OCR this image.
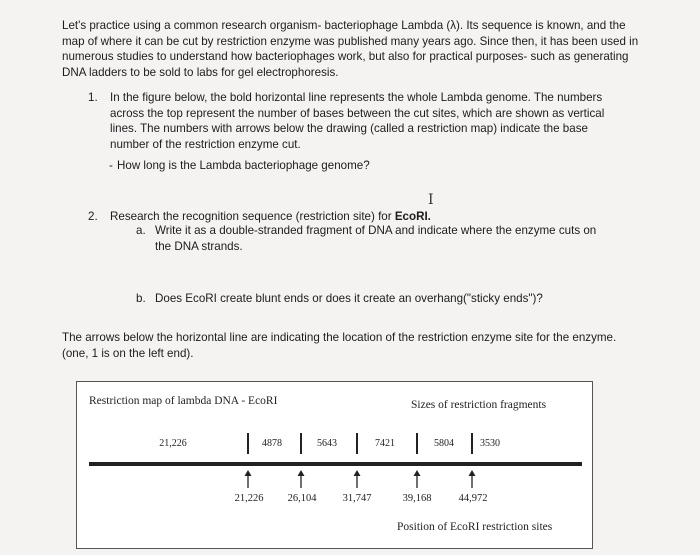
Let's practice using a common research organism- bacteriophage Lambda (λ). Its sequence is known, and the map of where it can be cut by restriction enzyme was published many years ago. Since then, it has been used in numerous studies to understand how bacteriophages work, but also for practical purposes- such as generating DNA ladders to be sold to labs for gel electrophoresis.
1. In the figure below, the bold horizontal line represents the whole Lambda genome. The numbers across the top represent the number of bases between the cut sites, which are shown as vertical lines. The numbers with arrows below the drawing (called a restriction map) indicate the base number of the restriction enzyme cut.
- How long is the Lambda bacteriophage genome?
2. Research the recognition sequence (restriction site) for EcoRI.
I
a. Write it as a double-stranded fragment of DNA and indicate where the enzyme cuts on the DNA strands.
b. Does EcoRI create blunt ends or does it create an overhang("sticky ends")?
The arrows below the horizontal line are indicating the location of the restriction enzyme site for the enzyme. (one, 1 is on the left end).
Restriction map of lambda DNA - EcoRI	Sizes of restriction fragments
21,226	4878	5643	7421	5804	3530
21,226 26,104 31,747	39,168	44,972
Position of EcoRI restriction sites
